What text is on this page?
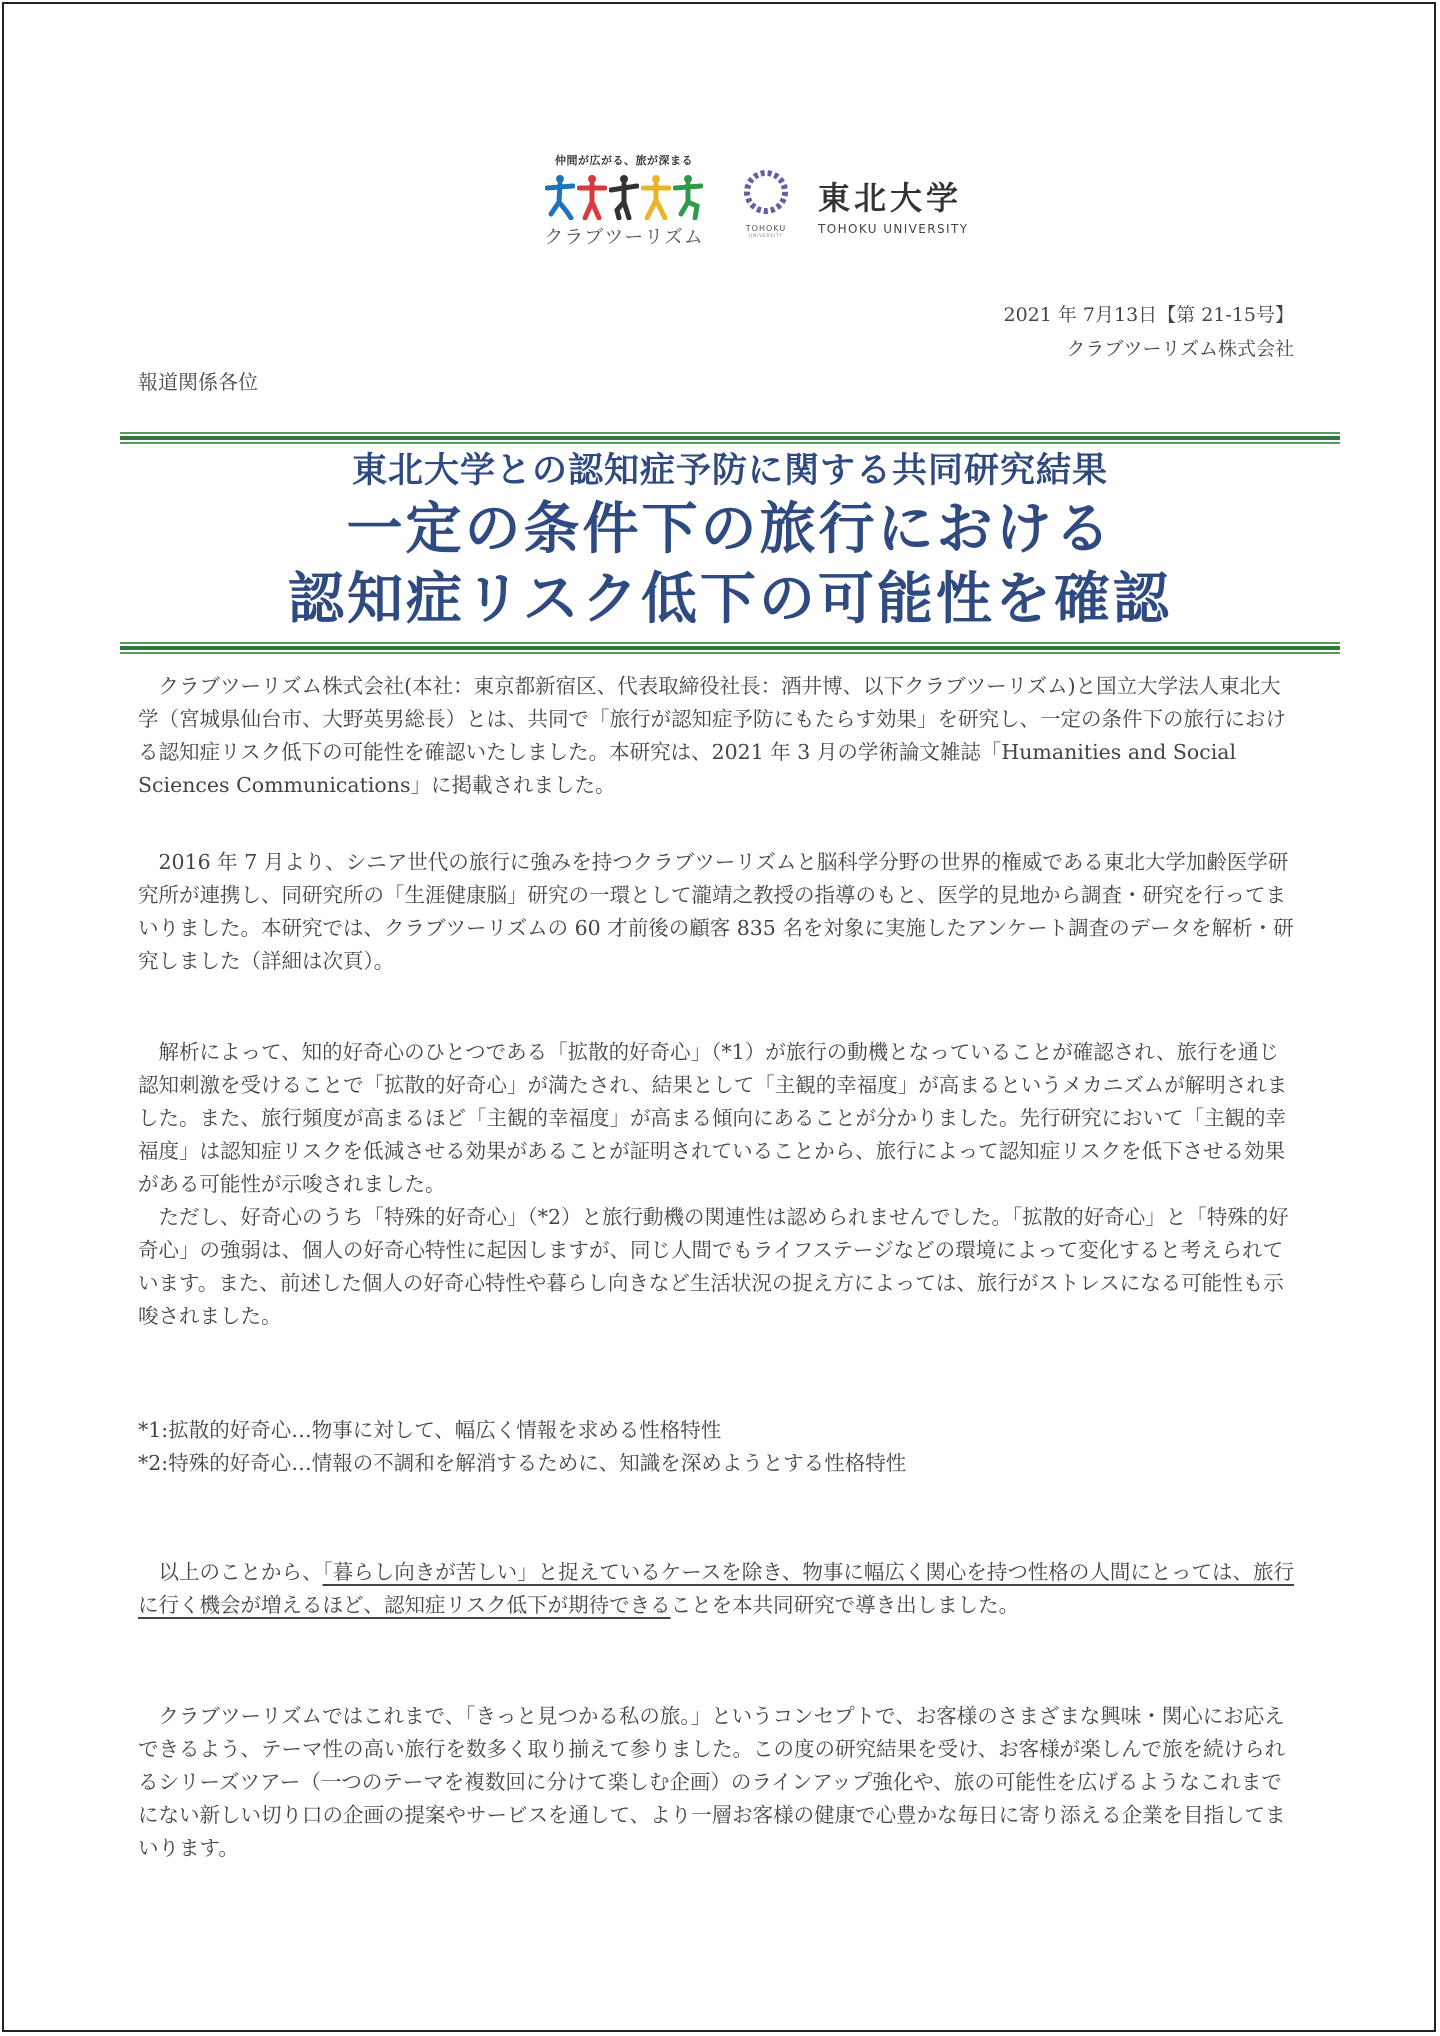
仲間が広がる、旅が深まる
クラブツーリズム	TOHOKU
UNIVERSITY
東北大学
TOHOKU UNIVERSITY
2021 年 7月13日【第 21-15号】
クラブツーリズム株式会社
報道関係各位
東北大学との認知症予防に関する共同研究結果
一定の条件下の旅行における
認知症リスク低下の可能性を確認

クラブツーリズム株式会社(本社：東京都新宿区、代表取締役社長：酒井博、以下クラブツーリズム)と国立大学法人東北大学（宮城県仙台市、大野英男総長）とは、共同で「旅行が認知症予防にもたらす効果」を研究し、一定の条件下の旅行における認知症リスク低下の可能性を確認いたしました。本研究は、2021 年 3 月の学術論文雑誌「Humanities and Social Sciences Communications」に掲載されました。

2016 年 7 月より、シニア世代の旅行に強みを持つクラブツーリズムと脳科学分野の世界的権威である東北大学加齢医学研究所が連携し、同研究所の「生涯健康脳」研究の一環として瀧靖之教授の指導のもと、医学的見地から調査・研究を行ってまいりました。本研究では、クラブツーリズムの 60 才前後の顧客 835 名を対象に実施したアンケート調査のデータを解析・研究しました（詳細は次頁）。

解析によって、知的好奇心のひとつである「拡散的好奇心」（*1）が旅行の動機となっていることが確認され、旅行を通じ認知刺激を受けることで「拡散的好奇心」が満たされ、結果として「主観的幸福度」が高まるというメカニズムが解明されました。また、旅行頻度が高まるほど「主観的幸福度」が高まる傾向にあることが分かりました。先行研究において「主観的幸福度」は認知症リスクを低減させる効果があることが証明されていることから、旅行によって認知症リスクを低下させる効果がある可能性が示唆されました。

ただし、好奇心のうち「特殊的好奇心」（*2）と旅行動機の関連性は認められませんでした。「拡散的好奇心」と「特殊的好奇心」の強弱は、個人の好奇心特性に起因しますが、同じ人間でもライフステージなどの環境によって変化すると考えられています。また、前述した個人の好奇心特性や暮らし向きなど生活状況の捉え方によっては、旅行がストレスになる可能性も示唆されました。

*1:拡散的好奇心…物事に対して、幅広く情報を求める性格特性
*2:特殊的好奇心…情報の不調和を解消するために、知識を深めようとする性格特性

以上のことから、「暮らし向きが苦しい」と捉えているケースを除き、物事に幅広く関心を持つ性格の人間にとっては、旅行に行く機会が増えるほど、認知症リスク低下が期待できることを本共同研究で導き出しました。

クラブツーリズムではこれまで、「きっと見つかる私の旅。」というコンセプトで、お客様のさまざまな興味・関心にお応えできるよう、テーマ性の高い旅行を数多く取り揃えて参りました。この度の研究結果を受け、お客様が楽しんで旅を続けられるシリーズツアー（一つのテーマを複数回に分けて楽しむ企画）のラインアップ強化や、旅の可能性を広げるようなこれまでにない新しい切り口の企画の提案やサービスを通して、より一層お客様の健康で心豊かな毎日に寄り添える企業を目指してまいります。
